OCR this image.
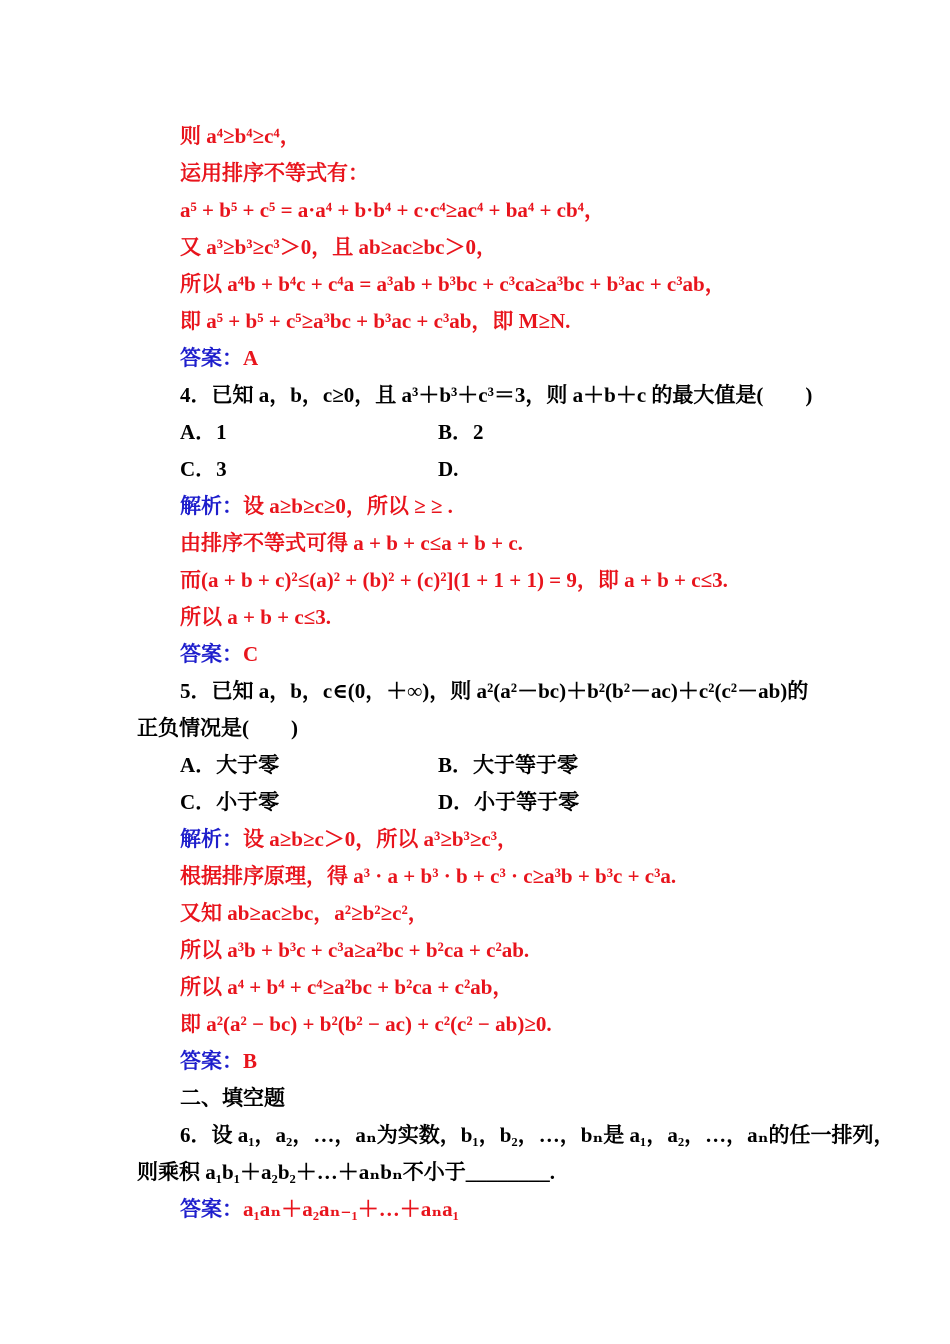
则 a⁴≥b⁴≥c⁴，
运用排序不等式有：
a⁵ + b⁵ + c⁵ = a·a⁴ + b·b⁴ + c·c⁴≥ac⁴ + ba⁴ + cb⁴，
又 a³≥b³≥c³＞0，且 ab≥ac≥bc＞0，
所以 a⁴b + b⁴c + c⁴a = a³ab + b³bc + c³ca≥a³bc + b³ac + c³ab，
即 a⁵ + b⁵ + c⁵≥a³bc + b³ac + c³ab，即 M≥N.
答案：A
4．已知 a，b，c≥0，且 a³＋b³＋c³＝3，则 a＋b＋c 的最大值是(　　)
A．1	B．2
C．3	D.
解析：设 a≥b≥c≥0，所以 ≥ ≥ .
由排序不等式可得 a + b + c≤a + b + c.
而(a + b + c)²≤(a)² + (b)² + (c)²](1 + 1 + 1) = 9，即 a + b + c≤3.
所以 a + b + c≤3.
答案：C
5．已知 a，b，c∈(0，＋∞)，则 a²(a²－bc)＋b²(b²－ac)＋c²(c²－ab)的
正负情况是(　　)
A．大于零	B．大于等于零
C．小于零	D．小于等于零
解析：设 a≥b≥c＞0，所以 a³≥b³≥c³，
根据排序原理，得 a³ · a + b³ · b + c³ · c≥a³b + b³c + c³a.
又知 ab≥ac≥bc，a²≥b²≥c²，
所以 a³b + b³c + c³a≥a²bc + b²ca + c²ab.
所以 a⁴ + b⁴ + c⁴≥a²bc + b²ca + c²ab，
即 a²(a² − bc) + b²(b² − ac) + c²(c² − ab)≥0.
答案：B
二、填空题
6．设 a₁，a₂，…，aₙ为实数，b₁，b₂，…，bₙ是 a₁，a₂，…，aₙ的任一排列，
则乘积 a₁b₁＋a₂b₂＋…＋aₙbₙ不小于________.
答案：a₁aₙ＋a₂aₙ₋₁＋…＋aₙa₁
